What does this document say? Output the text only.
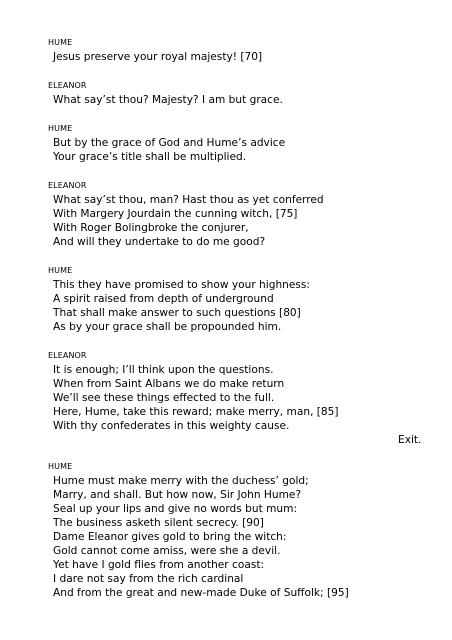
HUME
Jesus preserve your royal majesty! [70]
ELEANOR
What say’st thou? Majesty? I am but grace.
HUME
But by the grace of God and Hume’s advice
Your grace’s title shall be multiplied.
ELEANOR
What say’st thou, man? Hast thou as yet conferred
With Margery Jourdain the cunning witch, [75]
With Roger Bolingbroke the conjurer,
And will they undertake to do me good?
HUME
This they have promised to show your highness:
A spirit raised from depth of underground
That shall make answer to such questions [80]
As by your grace shall be propounded him.
ELEANOR
It is enough; I’ll think upon the questions.
When from Saint Albans we do make return
We’ll see these things effected to the full.
Here, Hume, take this reward; make merry, man, [85]
With thy confederates in this weighty cause.
Exit.
HUME
Hume must make merry with the duchess’ gold;
Marry, and shall. But how now, Sir John Hume?
Seal up your lips and give no words but mum:
The business asketh silent secrecy. [90]
Dame Eleanor gives gold to bring the witch:
Gold cannot come amiss, were she a devil.
Yet have I gold flies from another coast:
I dare not say from the rich cardinal
And from the great and new-made Duke of Suffolk; [95]
